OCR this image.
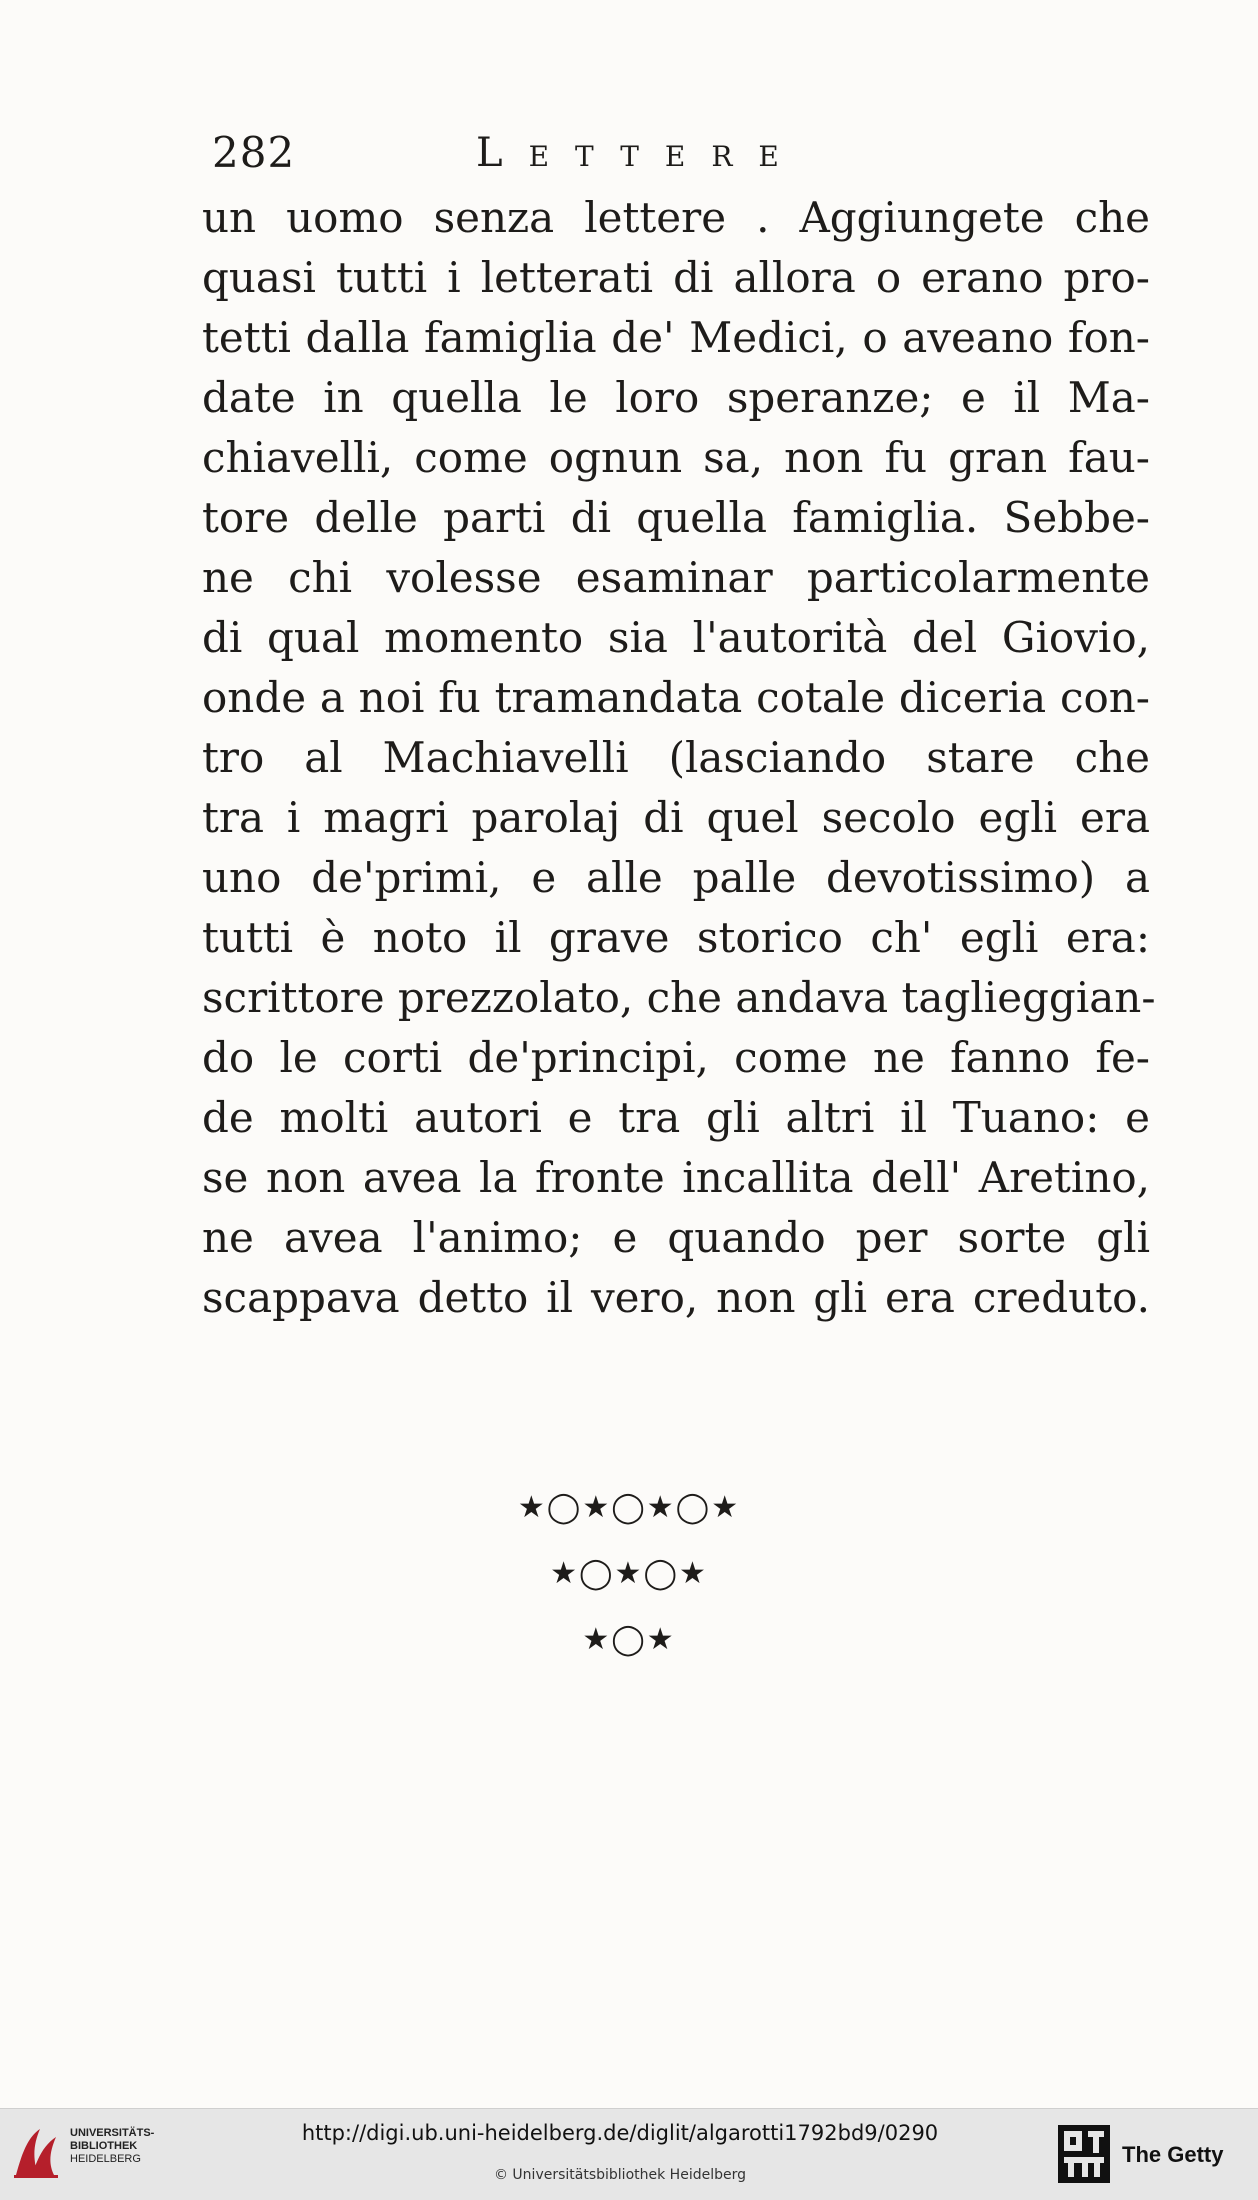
282	Lettere
un uomo senza lettere . Aggiungete che
quasi tutti i letterati di allora o erano pro-
tetti dalla famiglia de' Medici, o aveano fon-
date in quella le loro speranze; e il Ma-
chiavelli, come ognun sa, non fu gran fau-
tore delle parti di quella famiglia. Sebbe-
ne chi volesse esaminar particolarmente
di qual momento sia l'autorità del Giovio,
onde a noi fu tramandata cotale diceria con-
tro al Machiavelli (lasciando stare che
tra i magri parolaj di quel secolo egli era
uno de'primi, e alle palle devotissimo) a
tutti è noto il grave storico ch' egli era:
scrittore prezzolato, che andava taglieggian-
do le corti de'principi, come ne fanno fe-
de molti autori e tra gli altri il Tuano: e
se non avea la fronte incallita dell' Aretino,
ne avea l'animo; e quando per sorte gli
scappava detto il vero, non gli era creduto.
★◯★◯★◯★
★◯★◯★
★◯★
UNIVERSITÄTS-
BIBLIOTHEK
HEIDELBERG
http://digi.ub.uni-heidelberg.de/diglit/algarotti1792bd9/0290
© Universitätsbibliothek Heidelberg
The Getty
